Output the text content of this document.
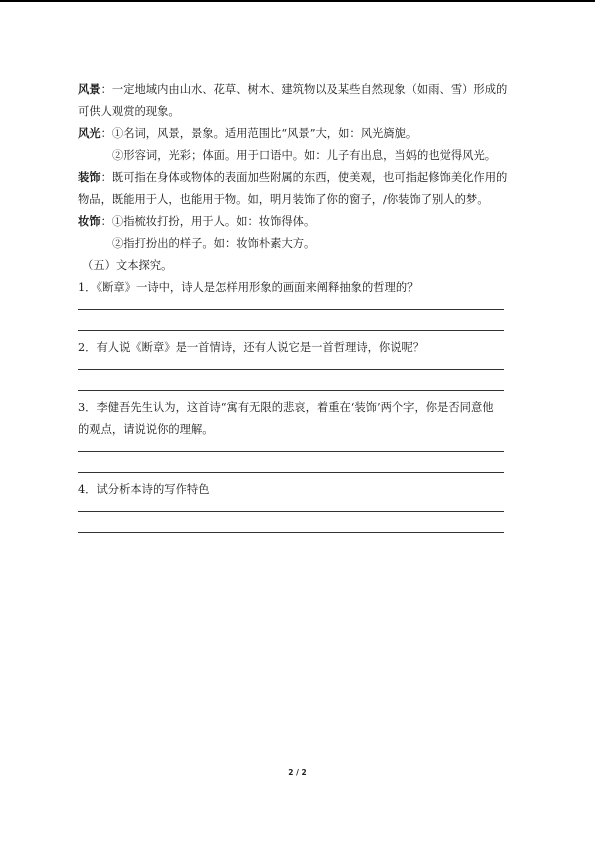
风景：一定地域内由山水、花草、树木、建筑物以及某些自然现象（如雨、雪）形成的
可供人观赏的现象。
风光：①名词，风景，景象。适用范围比“风景”大，如：风光旖旎。
②形容词，光彩；体面。用于口语中。如：儿子有出息，当妈的也觉得风光。
装饰：既可指在身体或物体的表面加些附属的东西，使美观，也可指起修饰美化作用的
物品，既能用于人，也能用于物。如，明月装饰了你的窗子，/你装饰了别人的梦。
妆饰：①指梳妆打扮，用于人。如：妆饰得体。
②指打扮出的样子。如：妆饰朴素大方。
（五）文本探究。
1．《断章》一诗中，诗人是怎样用形象的画面来阐释抽象的哲理的？
2．有人说《断章》是一首情诗，还有人说它是一首哲理诗，你说呢？
3．李健吾先生认为，这首诗“寓有无限的悲哀，着重在‘装饰’两个字，你是否同意他
的观点，请说说你的理解。
4．试分析本诗的写作特色
2 / 2
